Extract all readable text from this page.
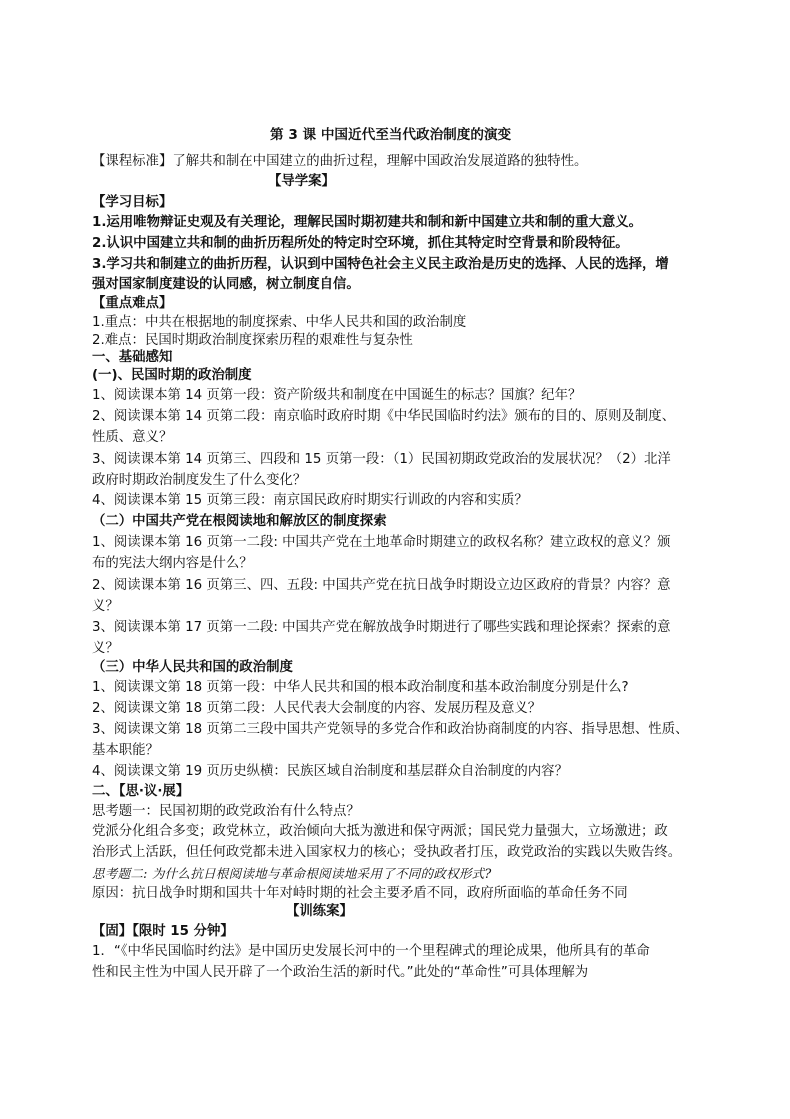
第 3 课 中国近代至当代政治制度的演变
【课程标准】了解共和制在中国建立的曲折过程，理解中国政治发展道路的独特性。
【导学案】
【学习目标】
1.运用唯物辩证史观及有关理论，理解民国时期初建共和制和新中国建立共和制的重大意义。
2.认识中国建立共和制的曲折历程所处的特定时空环境，抓住其特定时空背景和阶段特征。
3.学习共和制建立的曲折历程，认识到中国特色社会主义民主政治是历史的选择、人民的选择，增
强对国家制度建设的认同感，树立制度自信。
【重点难点】
1.重点：中共在根据地的制度探索、中华人民共和国的政治制度
2.难点：民国时期政治制度探索历程的艰难性与复杂性
一、基础感知
(一)、民国时期的政治制度
1、阅读课本第 14 页第一段：资产阶级共和制度在中国诞生的标志？国旗？纪年？
2、阅读课本第 14 页第二段：南京临时政府时期《中华民国临时约法》颁布的目的、原则及制度、
性质、意义？
3、阅读课本第 14 页第三、四段和 15 页第一段：（1）民国初期政党政治的发展状况？（2）北洋
政府时期政治制度发生了什么变化？
4、阅读课本第 15 页第三段：南京国民政府时期实行训政的内容和实质？
（二）中国共产党在根阅读地和解放区的制度探索
1、阅读课本第 16 页第一二段: 中国共产党在土地革命时期建立的政权名称？建立政权的意义？颁
布的宪法大纲内容是什么？
2、阅读课本第 16 页第三、四、五段: 中国共产党在抗日战争时期设立边区政府的背景？内容？意
义？
3、阅读课本第 17 页第一二段: 中国共产党在解放战争时期进行了哪些实践和理论探索？探索的意
义？
（三）中华人民共和国的政治制度
1、阅读课文第 18 页第一段：中华人民共和国的根本政治制度和基本政治制度分别是什么?
2、阅读课文第 18 页第二段：人民代表大会制度的内容、发展历程及意义？
3、阅读课文第 18 页第二三段中国共产党领导的多党合作和政治协商制度的内容、指导思想、性质、
基本职能？
4、阅读课文第 19 页历史纵横：民族区域自治制度和基层群众自治制度的内容？
二、【思·议·展】
思考题一：民国初期的政党政治有什么特点？
党派分化组合多变；政党林立，政治倾向大抵为激进和保守两派；国民党力量强大，立场激进；政
治形式上活跃，但任何政党都未进入国家权力的核心；受执政者打压，政党政治的实践以失败告终。
思考题二: 为什么抗日根阅读地与革命根阅读地采用了不同的政权形式?
原因：抗日战争时期和国共十年对峙时期的社会主要矛盾不同，政府所面临的革命任务不同
【训练案】
【固】【限时 15 分钟】
1．“《中华民国临时约法》是中国历史发展长河中的一个里程碑式的理论成果，他所具有的革命
性和民主性为中国人民开辟了一个政治生活的新时代。”此处的“革命性”可具体理解为
